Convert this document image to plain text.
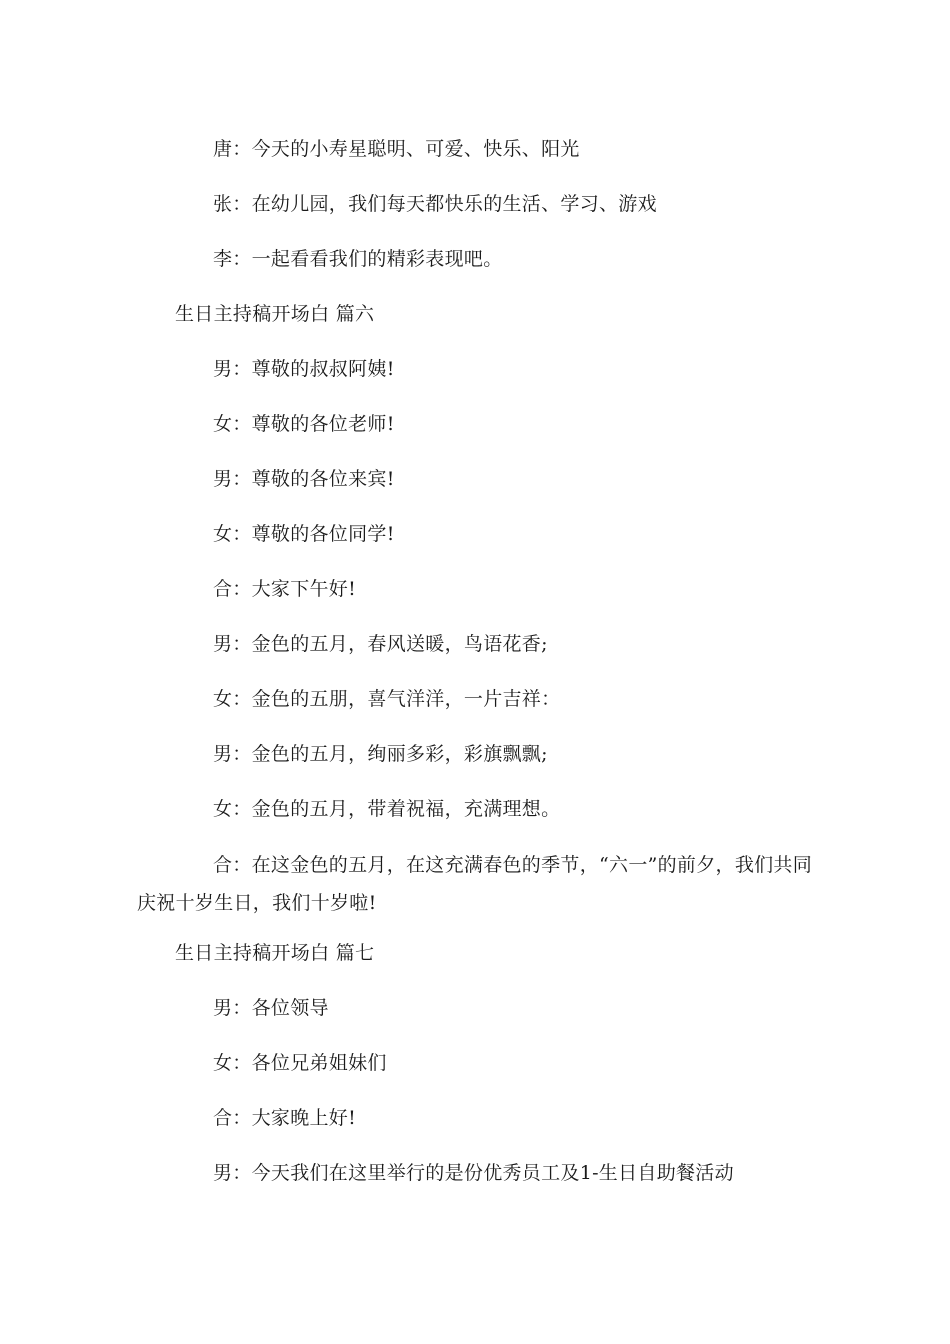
唐：今天的小寿星聪明、可爱、快乐、阳光
张：在幼儿园，我们每天都快乐的生活、学习、游戏
李：一起看看我们的精彩表现吧。
生日主持稿开场白 篇六
男：尊敬的叔叔阿姨!
女：尊敬的各位老师!
男：尊敬的各位来宾!
女：尊敬的各位同学!
合：大家下午好!
男：金色的五月，春风送暖，鸟语花香;
女：金色的五朋，喜气洋洋，一片吉祥：
男：金色的五月，绚丽多彩，彩旗飘飘;
女：金色的五月，带着祝福，充满理想。
合：在这金色的五月，在这充满春色的季节，“六一”的前夕，我们共同庆祝十岁生日，我们十岁啦!
生日主持稿开场白 篇七
男：各位领导
女：各位兄弟姐妹们
合：大家晚上好!
男：今天我们在这里举行的是份优秀员工及1-生日自助餐活动
